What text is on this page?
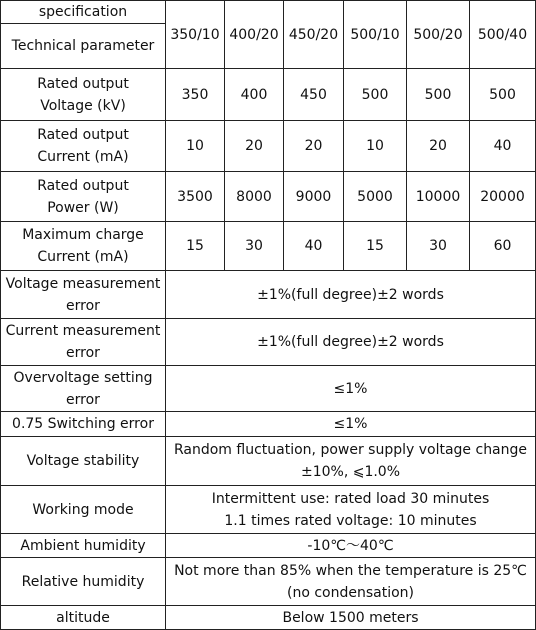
specification	350/10	400/20	450/20	500/10	500/20	500/40
Technical parameter						

Rated output
Voltage (kV)	350	400	450	500	500	500

Rated output
Current (mA)	10	20	20	10	20	40

Rated output
Power (W)	3500	8000	9000	5000	10000	20000

Maximum charge
Current (mA)	15	30	40	15	30	60

Voltage measurement
error	±1%(full degree)±2 words					

Current measurement
error	±1%(full degree)±2 words					

Overvoltage setting
error	≤1%					
0.75 Switching error	≤1%					
Voltage stability	Random fluctuation, power supply voltage change
±10%, ⩽1.0%					

Working mode	Intermittent use: rated load 30 minutes
1.1 times rated voltage: 10 minutes					

Ambient humidity	-10℃～40℃					
Relative humidity	Not more than 85% when the temperature is 25℃
(no condensation)					

altitude	Below 1500 meters					
